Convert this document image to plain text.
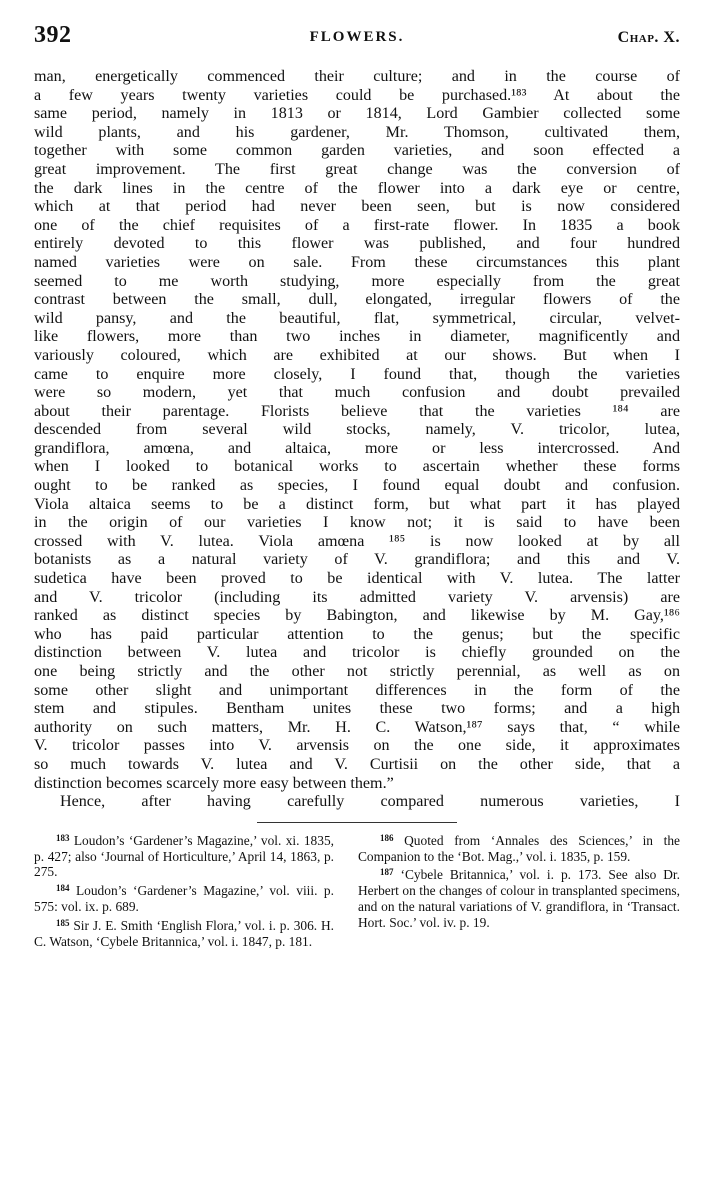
392	FLOWERS.	Chap. X.
man, energetically commenced their culture; and in the course of
a few years twenty varieties could be purchased.¹⁸³ At about the
same period, namely in 1813 or 1814, Lord Gambier collected some
wild plants, and his gardener, Mr. Thomson, cultivated them,
together with some common garden varieties, and soon effected a
great improvement. The first great change was the conversion of
the dark lines in the centre of the flower into a dark eye or centre,
which at that period had never been seen, but is now considered
one of the chief requisites of a first-rate flower. In 1835 a book
entirely devoted to this flower was published, and four hundred
named varieties were on sale. From these circumstances this plant
seemed to me worth studying, more especially from the great
contrast between the small, dull, elongated, irregular flowers of the
wild pansy, and the beautiful, flat, symmetrical, circular, velvet-
like flowers, more than two inches in diameter, magnificently and
variously coloured, which are exhibited at our shows. But when I
came to enquire more closely, I found that, though the varieties
were so modern, yet that much confusion and doubt prevailed
about their parentage. Florists believe that the varieties ¹⁸⁴ are
descended from several wild stocks, namely, V. tricolor, lutea,
grandiflora, amœna, and altaica, more or less intercrossed. And
when I looked to botanical works to ascertain whether these forms
ought to be ranked as species, I found equal doubt and confusion.
Viola altaica seems to be a distinct form, but what part it has played
in the origin of our varieties I know not; it is said to have been
crossed with V. lutea. Viola amœna ¹⁸⁵ is now looked at by all
botanists as a natural variety of V. grandiflora; and this and V.
sudetica have been proved to be identical with V. lutea. The latter
and V. tricolor (including its admitted variety V. arvensis) are
ranked as distinct species by Babington, and likewise by M. Gay,¹⁸⁶
who has paid particular attention to the genus; but the specific
distinction between V. lutea and tricolor is chiefly grounded on the
one being strictly and the other not strictly perennial, as well as on
some other slight and unimportant differences in the form of the
stem and stipules. Bentham unites these two forms; and a high
authority on such matters, Mr. H. C. Watson,¹⁸⁷ says that, “ while
V. tricolor passes into V. arvensis on the one side, it approximates
so much towards V. lutea and V. Curtisii on the other side, that a
distinction becomes scarcely more easy between them.”
Hence, after having carefully compared numerous varieties, I

$^{183}$ Loudon’s ‘Gardener’s Magazine,’ vol. xi. 1835, p. 427; also ‘Journal of Horticulture,’ April 14, 1863, p. 275.

$^{184}$ Loudon’s ‘Gardener’s Magazine,’ vol. viii. p. 575: vol. ix. p. 689.

$^{185}$ Sir J. E. Smith ‘English Flora,’ vol. i. p. 306. H. C. Watson, ‘Cybele Britannica,’ vol. i. 1847, p. 181.

$^{186}$ Quoted from ‘Annales des Sciences,’ in the Companion to the ‘Bot. Mag.,’ vol. i. 1835, p. 159.

$^{187}$ ‘Cybele Britannica,’ vol. i. p. 173. See also Dr. Herbert on the changes of colour in transplanted specimens, and on the natural variations of V. grandiflora, in ‘Transact. Hort. Soc.’ vol. iv. p. 19.
